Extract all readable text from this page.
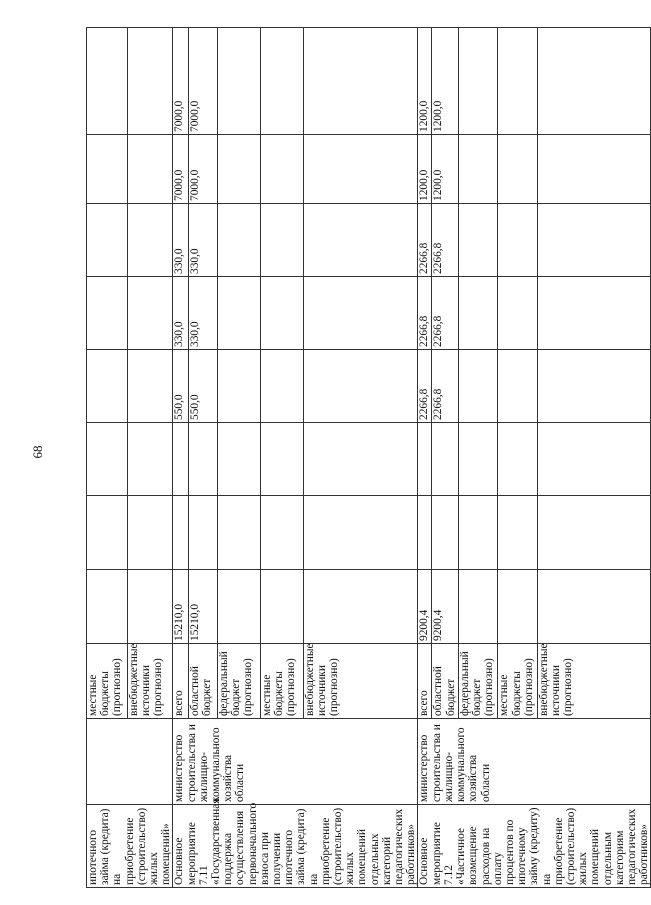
68
ипотечного займа (кредита) на приобретение (строительство) жилых помещений»		местные бюджеты (прогнозно)								
		внебюджетные источники (прогнозно)								
Основное мероприятие 7.11 «Государственная поддержка осуществления первоначального взноса при получении ипотечного займа (кредита) на приобретение (строительство) жилых помещений отдельных категорий педагогических работников»	министерство строительства и жилищно-коммунального хозяйства области	всего	15210,0			550,0	330,0	330,0	7000,0	7000,0
		областной бюджет	15210,0			550,0	330,0	330,0	7000,0	7000,0
		федеральный бюджет (прогнозно)								
		местные бюджеты (прогнозно)								
		внебюджетные источники (прогнозно)								
Основное мероприятие 7.12 «Частичное возмещение расходов на оплату процентов по ипотечному займу (кредиту) на приобретение (строительство) жилых помещений отдельным категориям педагогических работников»	министерство строительства и жилищно-коммунального хозяйства области	всего	9200,4			2266,8	2266,8	2266,8	1200,0	1200,0
		областной бюджет	9200,4			2266,8	2266,8	2266,8	1200,0	1200,0
		федеральный бюджет (прогнозно)								
		местные бюджеты (прогнозно)								
		внебюджетные источники (прогнозно)								
